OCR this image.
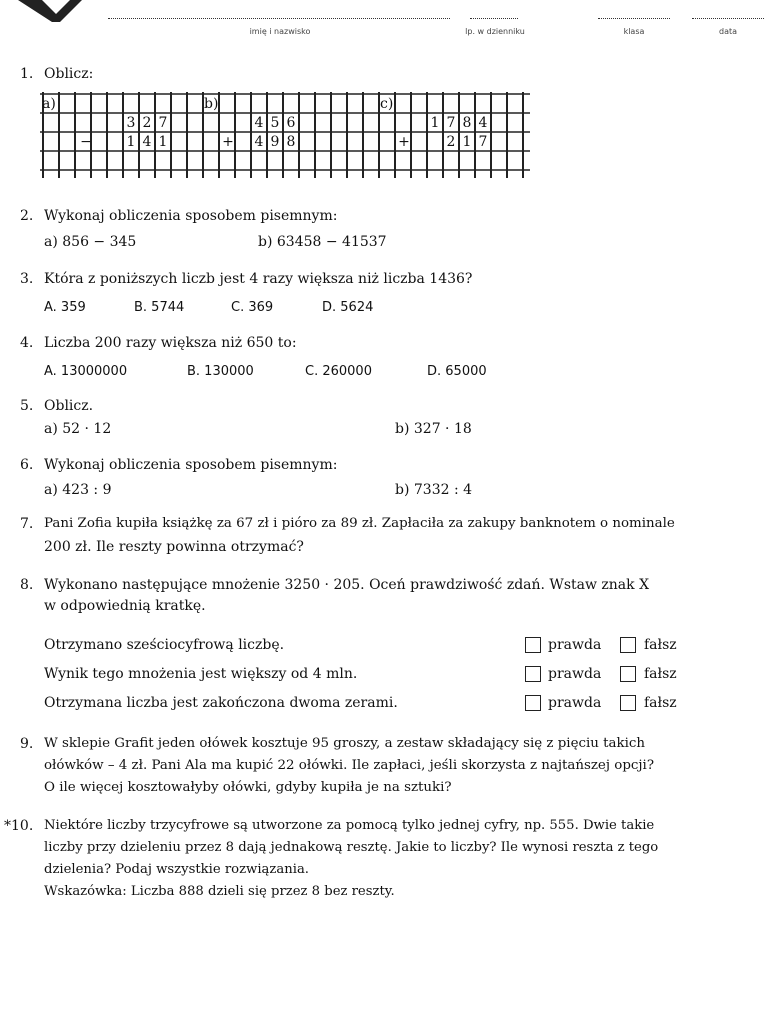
imię i nazwisko	lp. w dzienniku	klasa	data
1. Oblicz:
a)
3 2 7
− 1 4 1
b)
4 5 6
+ 4 9 8
c)
1 7 8 4
+	2 1 7
2. Wykonaj obliczenia sposobem pisemnym:
a) 856 − 345	b) 63458 − 41537
3. Która z poniższych liczb jest 4 razy większa niż liczba 1436?
A. 359	B. 5744	C. 369	D. 5624
4. Liczba 200 razy większa niż 650 to:
A. 13000000	B. 130000	C. 260000	D. 65000
5. Oblicz.
a) 52 · 12	b) 327 · 18
6. Wykonaj obliczenia sposobem pisemnym:
a) 423 : 9	b) 7332 : 4
7. Pani Zofia kupiła książkę za 67 zł i pióro za 89 zł. Zapłaciła za zakupy banknotem o nominale
200 zł. Ile reszty powinna otrzymać?
8. Wykonano następujące mnożenie 3250 · 205. Oceń prawdziwość zdań. Wstaw znak X
w odpowiednią kratkę.
Otrzymano sześciocyfrową liczbę.	prawda	fałsz
Wynik tego mnożenia jest większy od 4 mln.	prawda	fałsz
Otrzymana liczba jest zakończona dwoma zerami.	prawda	fałsz
9. W sklepie Grafit jeden ołówek kosztuje 95 groszy, a zestaw składający się z pięciu takich
ołówków – 4 zł. Pani Ala ma kupić 22 ołówki. Ile zapłaci, jeśli skorzysta z najtańszej opcji?
O ile więcej kosztowałyby ołówki, gdyby kupiła je na sztuki?
*10. Niektóre liczby trzycyfrowe są utworzone za pomocą tylko jednej cyfry, np. 555. Dwie takie
liczby przy dzieleniu przez 8 dają jednakową resztę. Jakie to liczby? Ile wynosi reszta z tego
dzielenia? Podaj wszystkie rozwiązania.
Wskazówka: Liczba 888 dzieli się przez 8 bez reszty.
